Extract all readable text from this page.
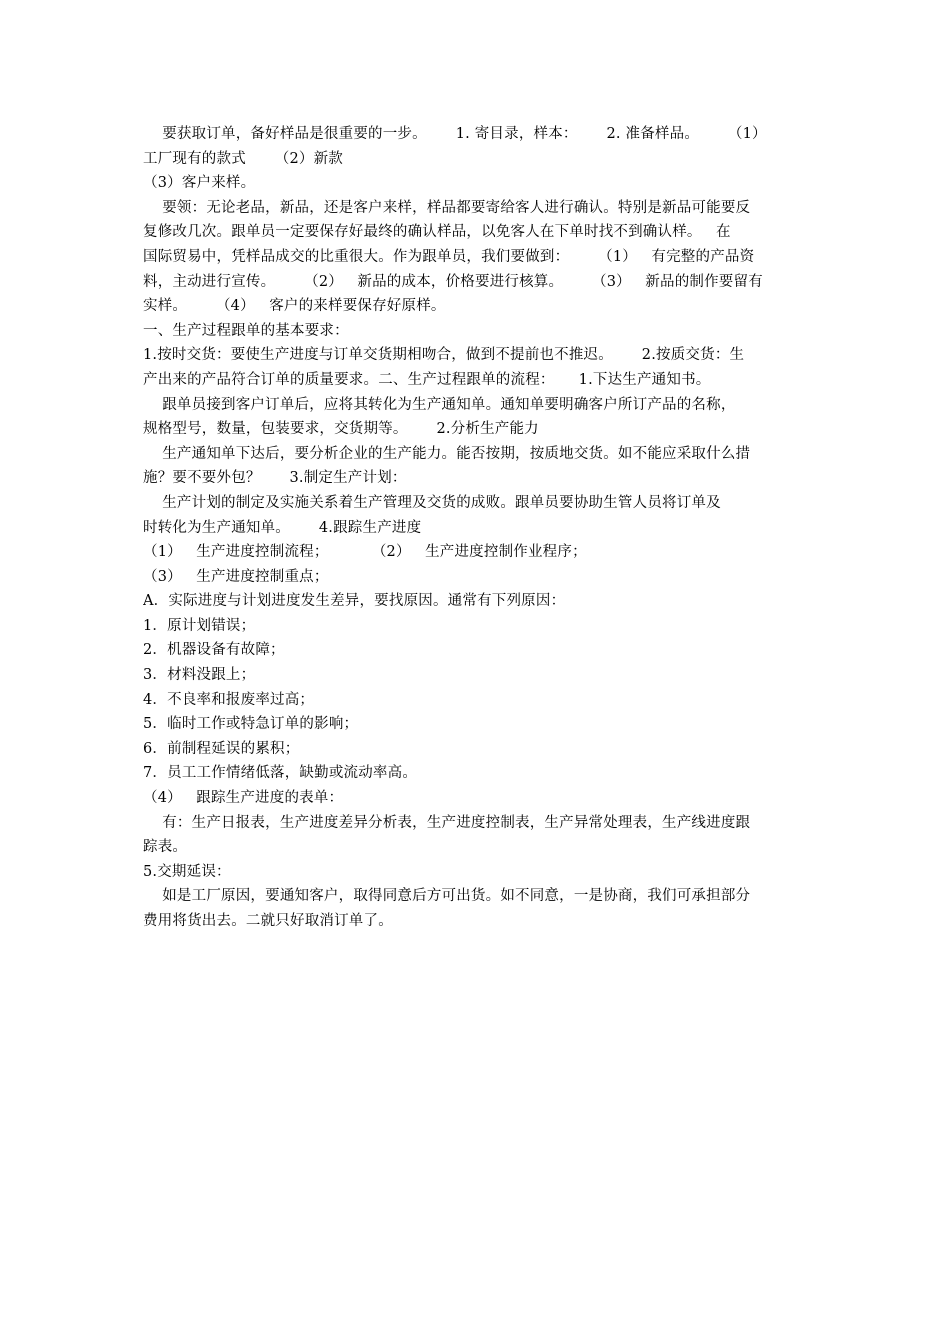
要获取订单，备好样品是很重要的一步。      1. 寄目录，样本：      2. 准备样品。      （1）
工厂现有的款式      （2）新款
（3）客户来样。
要领：无论老品，新品，还是客户来样，样品都要寄给客人进行确认。特别是新品可能要反
复修改几次。跟单员一定要保存好最终的确认样品，以免客人在下单时找不到确认样。   在
国际贸易中，凭样品成交的比重很大。作为跟单员，我们要做到：      （1）   有完整的产品资
料，主动进行宣传。      （2）   新品的成本，价格要进行核算。      （3）   新品的制作要留有
实样。      （4）   客户的来样要保存好原样。
一、生产过程跟单的基本要求：
1.按时交货：要使生产进度与订单交货期相吻合，做到不提前也不推迟。      2.按质交货：生
产出来的产品符合订单的质量要求。二、生产过程跟单的流程：     1.下达生产通知书。
跟单员接到客户订单后，应将其转化为生产通知单。通知单要明确客户所订产品的名称，
规格型号，数量，包装要求，交货期等。      2.分析生产能力
生产通知单下达后，要分析企业的生产能力。能否按期，按质地交货。如不能应采取什么措
施？要不要外包？      3.制定生产计划：
生产计划的制定及实施关系着生产管理及交货的成败。跟单员要协助生管人员将订单及
时转化为生产通知单。      4.跟踪生产进度
（1）   生产进度控制流程；         （2）   生产进度控制作业程序；
（3）   生产进度控制重点；
A．实际进度与计划进度发生差异，要找原因。通常有下列原因：
1．原计划错误；
2．机器设备有故障；
3．材料没跟上；
4．不良率和报废率过高；
5．临时工作或特急订单的影响；
6．前制程延误的累积；
7．员工工作情绪低落，缺勤或流动率高。
（4）   跟踪生产进度的表单：
有：生产日报表，生产进度差异分析表，生产进度控制表，生产异常处理表，生产线进度跟
踪表。
5.交期延误：
如是工厂原因，要通知客户，取得同意后方可出货。如不同意，一是协商，我们可承担部分
费用将货出去。二就只好取消订单了。
